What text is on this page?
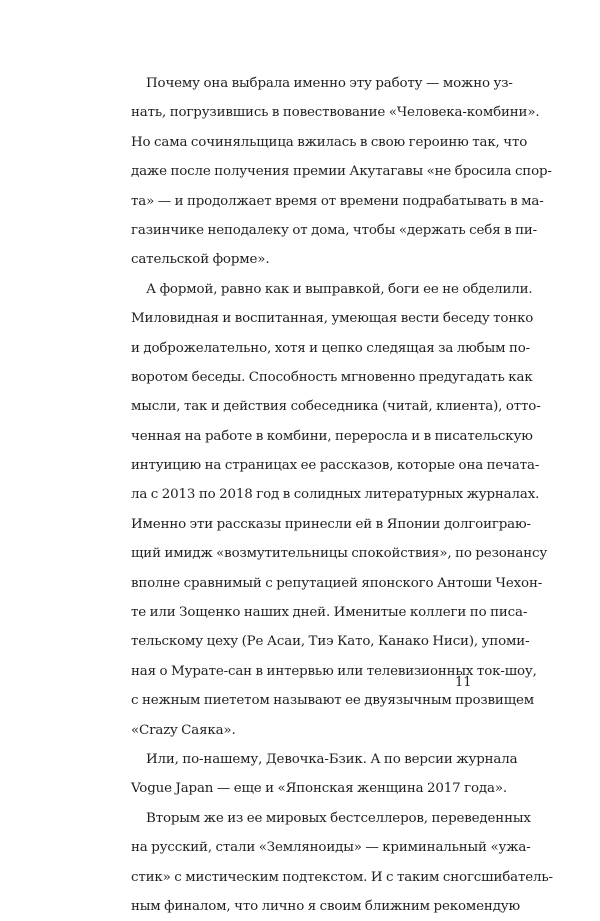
Почему она выбрала именно эту работу — можно уз-
нать, погрузившись в повествование «Человека-комбини».
Но сама сочиняльщица вжилась в свою героиню так, что
даже после получения премии Акутагавы «не бросила спор-
та» — и продолжает время от времени подрабатывать в ма-
газинчике неподалеку от дома, чтобы «держать себя в пи-
сательской форме».
А формой, равно как и выправкой, боги ее не обделили.
Миловидная и воспитанная, умеющая вести беседу тонко
и доброжелательно, хотя и цепко следящая за любым по-
воротом беседы. Способность мгновенно предугадать как
мысли, так и действия собеседника (читай, клиента), отто-
ченная на работе в комбини, переросла и в писательскую
интуицию на страницах ее рассказов, которые она печата-
ла с 2013 по 2018 год в солидных литературных журналах.
Именно эти рассказы принесли ей в Японии долгоиграю-
щий имидж «возмутительницы спокойствия», по резонансу
вполне сравнимый с репутацией японского Антоши Чехон-
те или Зощенко наших дней. Именитые коллеги по писа-
тельскому цеху (Ре Асаи, Тиэ Като, Канако Ниси), упоми-
ная о Мурате-сан в интервью или телевизионных ток-шоу,
с нежным пиететом называют ее двуязычным прозвищем
«Crazy Саяка».
Или, по-нашему, Девочка-Бзик. А по версии журнала
Vogue Japan — еще и «Японская женщина 2017 года».
Вторым же из ее мировых бестселлеров, переведенных
на русский, стали «Земляноиды» — криминальный «ужа-
стик» с мистическим подтекстом. И с таким сногсшибатель-
ным финалом, что лично я своим ближним рекомендую
11
